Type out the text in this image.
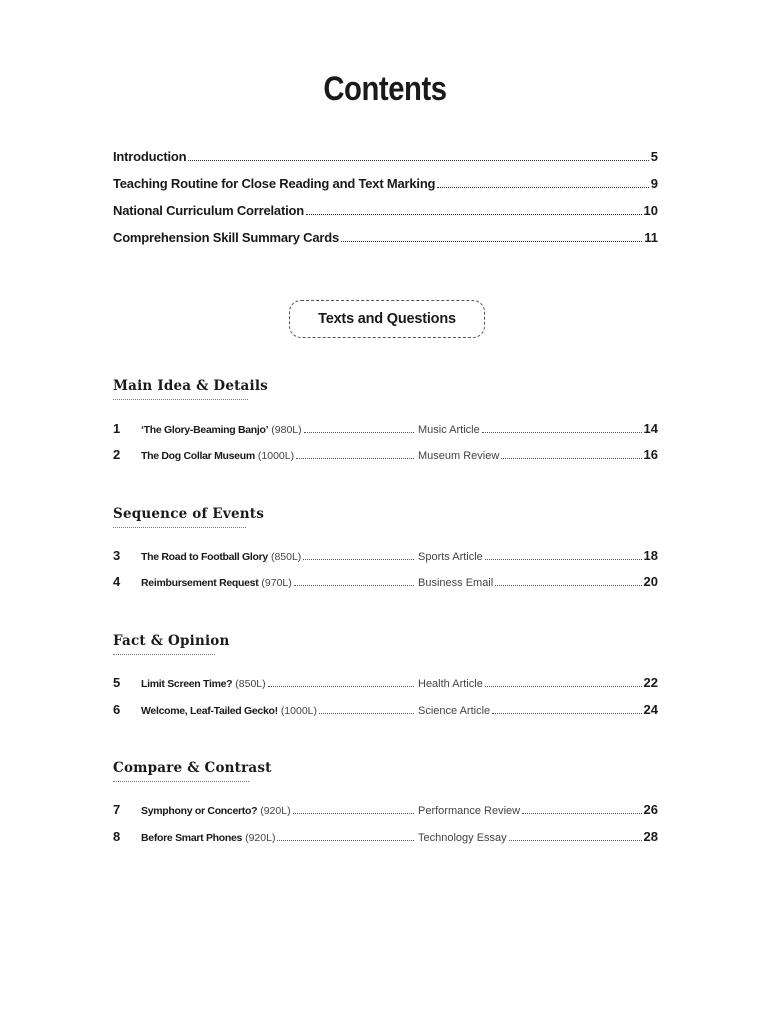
Contents
Introduction	5
Teaching Routine for Close Reading and Text Marking	9
National Curriculum Correlation	10
Comprehension Skill Summary Cards	11
Texts and Questions
Main Idea & Details
1	‘The Glory-Beaming Banjo’ (980L)	Music Article	14
2	The Dog Collar Museum (1000L)	Museum Review	16
Sequence of Events
3	The Road to Football Glory (850L)	Sports Article	18
4	Reimbursement Request (970L)	Business Email	20
Fact & Opinion
5	Limit Screen Time? (850L)	Health Article	22
6	Welcome, Leaf-Tailed Gecko! (1000L)	Science Article	24
Compare & Contrast
7	Symphony or Concerto? (920L)	Performance Review	26
8	Before Smart Phones (920L)	Technology Essay	28
